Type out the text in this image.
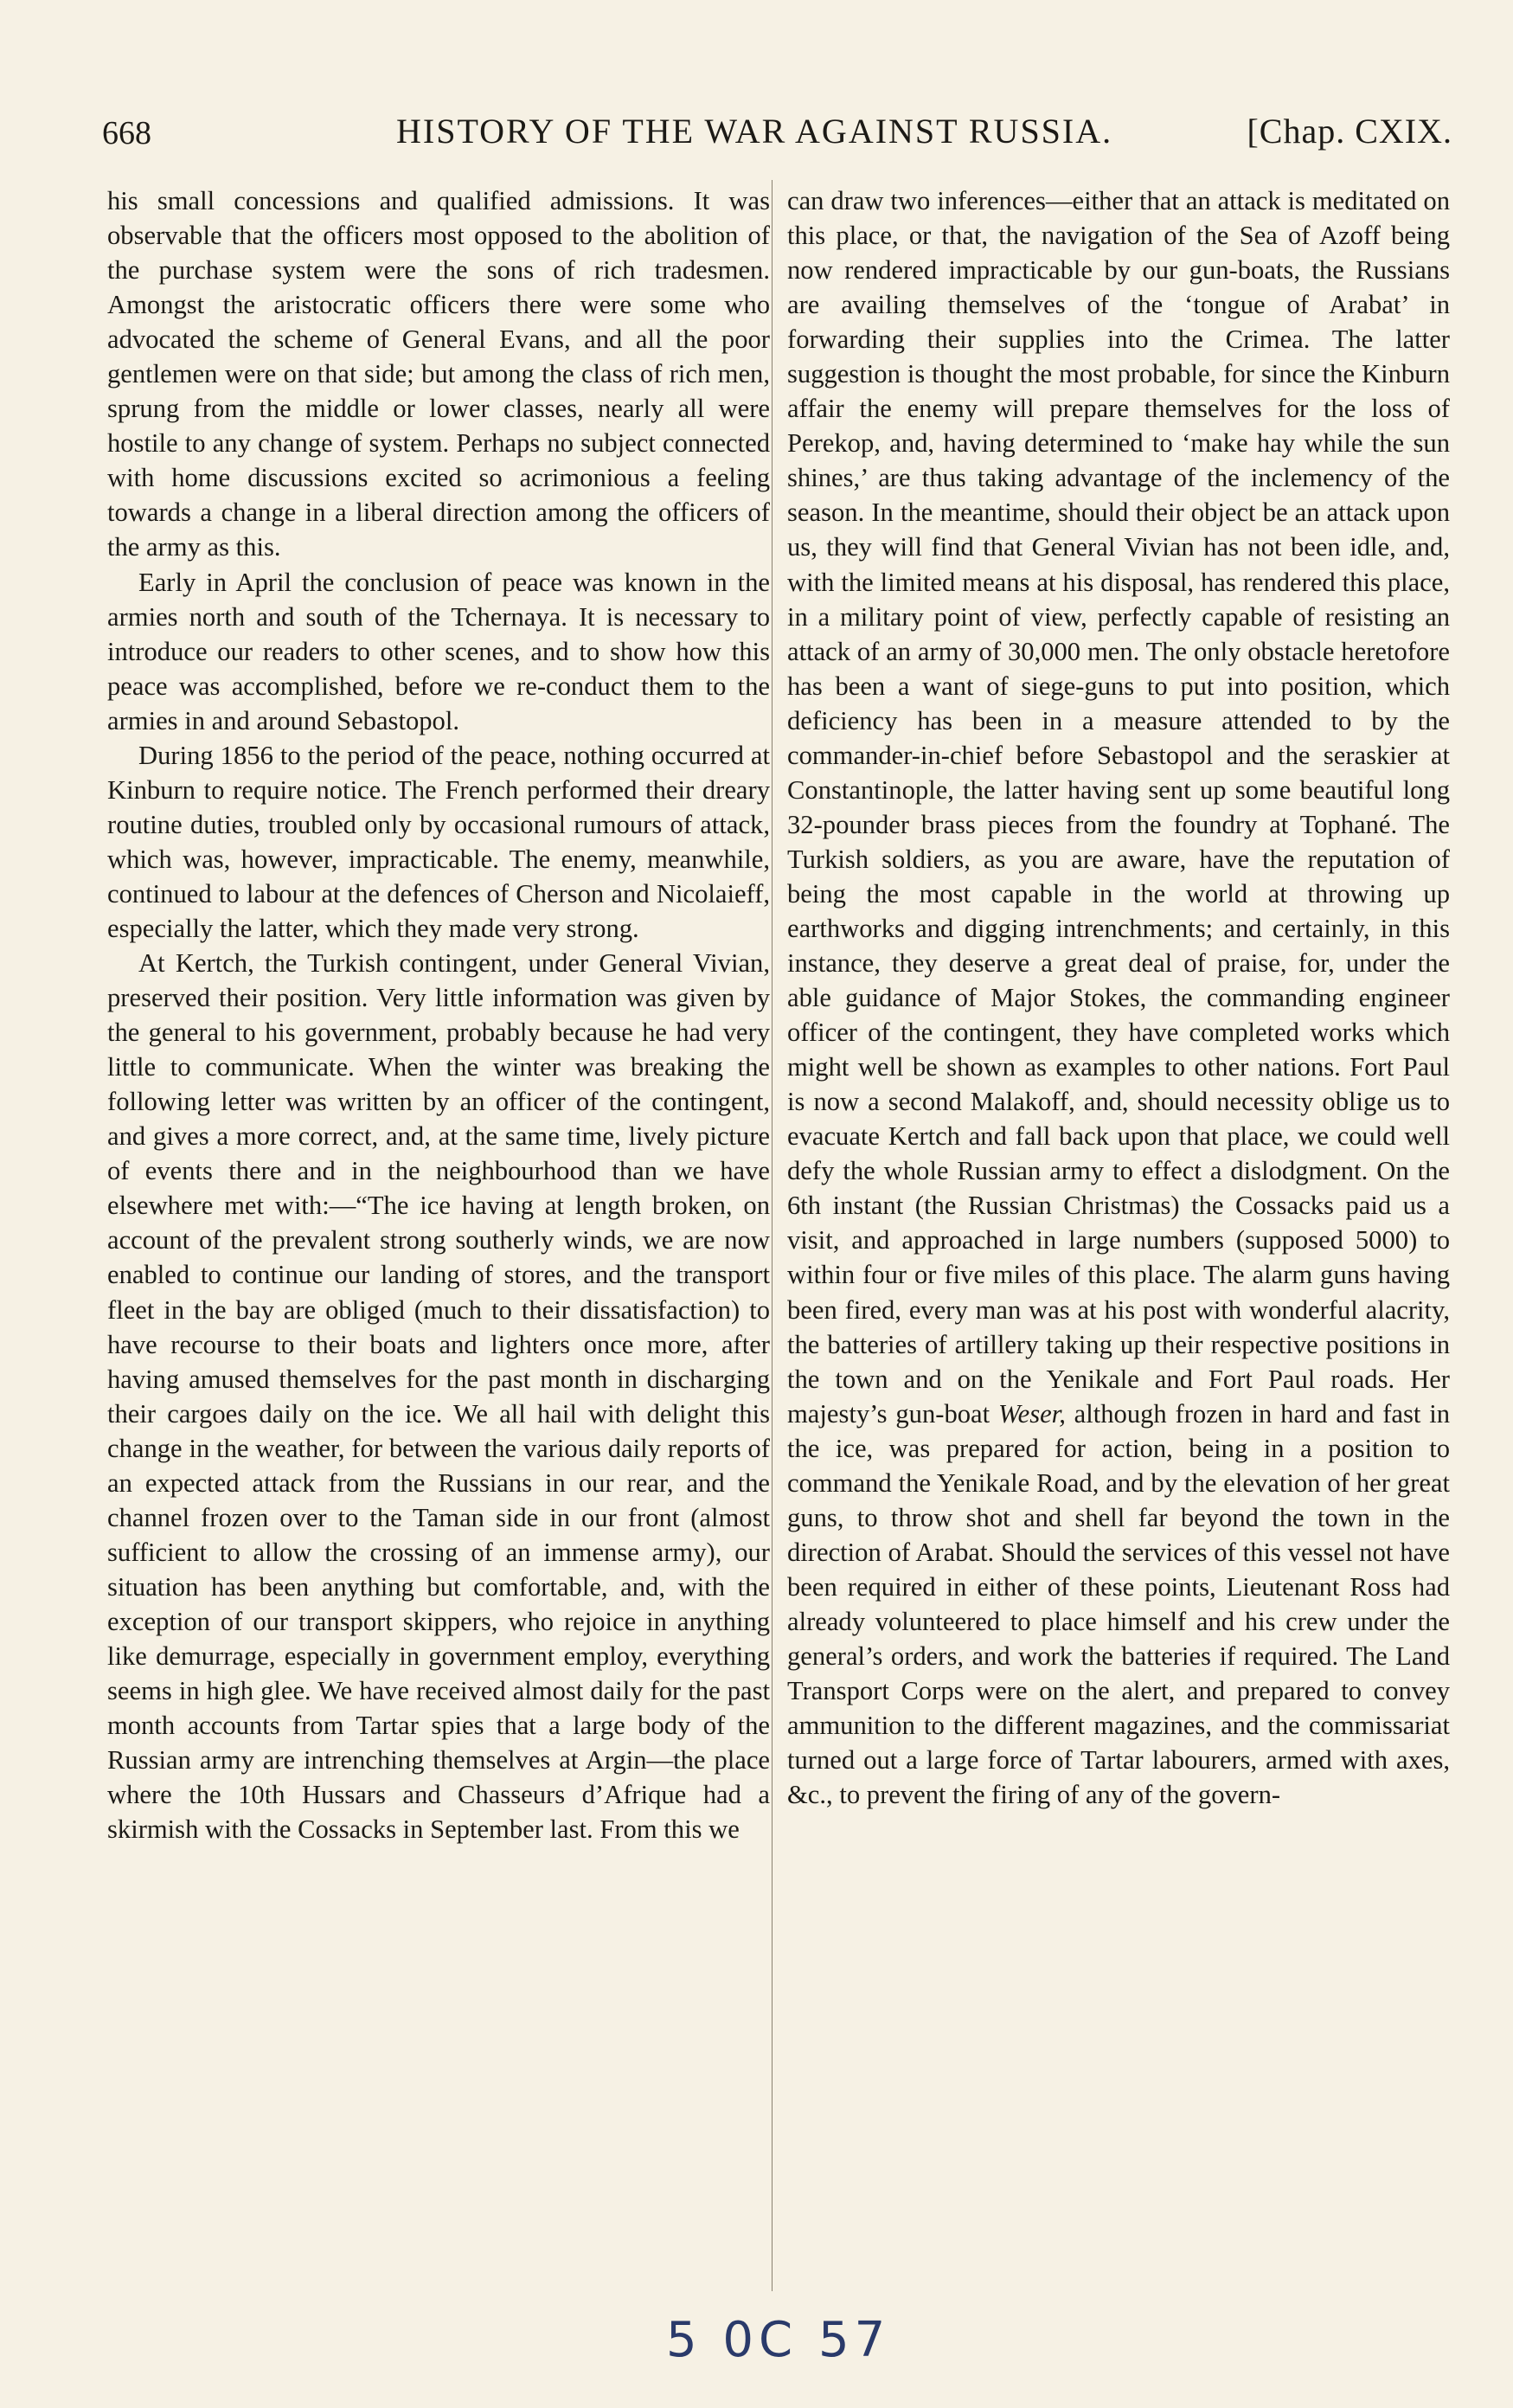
668	HISTORY OF THE WAR AGAINST RUSSIA.	[Chap. CXIX.

his small concessions and qualified admissions. It was observable that the officers most opposed to the abolition of the purchase system were the sons of rich tradesmen. Amongst the aristocratic officers there were some who advocated the scheme of General Evans, and all the poor gentlemen were on that side; but among the class of rich men, sprung from the middle or lower classes, nearly all were hostile to any change of system. Perhaps no subject connected with home discussions excited so acrimonious a feeling towards a change in a liberal direction among the officers of the army as this.

Early in April the conclusion of peace was known in the armies north and south of the Tchernaya. It is necessary to introduce our readers to other scenes, and to show how this peace was accomplished, before we re-conduct them to the armies in and around Sebastopol.

During 1856 to the period of the peace, nothing occurred at Kinburn to require notice. The French performed their dreary routine duties, troubled only by occasional rumours of attack, which was, however, impracticable. The enemy, meanwhile, continued to labour at the defences of Cherson and Nicolaieff, especially the latter, which they made very strong.

At Kertch, the Turkish contingent, under General Vivian, preserved their position. Very little information was given by the general to his government, probably because he had very little to communicate. When the winter was breaking the following letter was written by an officer of the contingent, and gives a more correct, and, at the same time, lively picture of events there and in the neighbourhood than we have elsewhere met with:—“The ice having at length broken, on account of the prevalent strong southerly winds, we are now enabled to continue our landing of stores, and the transport fleet in the bay are obliged (much to their dissatisfaction) to have recourse to their boats and lighters once more, after having amused themselves for the past month in discharging their cargoes daily on the ice. We all hail with delight this change in the weather, for between the various daily reports of an expected attack from the Russians in our rear, and the channel frozen over to the Taman side in our front (almost sufficient to allow the crossing of an immense army), our situation has been anything but comfortable, and, with the exception of our transport skippers, who rejoice in anything like demurrage, especially in government employ, everything seems in high glee. We have received almost daily for the past month accounts from Tartar spies that a large body of the Russian army are intrenching themselves at Argin—the place where the 10th Hussars and Chasseurs d’Afrique had a skirmish with the Cossacks in September last. From this we

can draw two inferences—either that an attack is meditated on this place, or that, the navigation of the Sea of Azoff being now rendered impracticable by our gun-boats, the Russians are availing themselves of the ‘tongue of Arabat’ in forwarding their supplies into the Crimea. The latter suggestion is thought the most probable, for since the Kinburn affair the enemy will prepare themselves for the loss of Perekop, and, having determined to ‘make hay while the sun shines,’ are thus taking advantage of the inclemency of the season. In the meantime, should their object be an attack upon us, they will find that General Vivian has not been idle, and, with the limited means at his disposal, has rendered this place, in a military point of view, perfectly capable of resisting an attack of an army of 30,000 men. The only obstacle heretofore has been a want of siege-guns to put into position, which deficiency has been in a measure attended to by the commander-in-chief before Sebastopol and the seraskier at Constantinople, the latter having sent up some beautiful long 32-pounder brass pieces from the foundry at Tophané. The Turkish soldiers, as you are aware, have the reputation of being the most capable in the world at throwing up earthworks and digging intrenchments; and certainly, in this instance, they deserve a great deal of praise, for, under the able guidance of Major Stokes, the commanding engineer officer of the contingent, they have completed works which might well be shown as examples to other nations. Fort Paul is now a second Malakoff, and, should necessity oblige us to evacuate Kertch and fall back upon that place, we could well defy the whole Russian army to effect a dislodgment. On the 6th instant (the Russian Christmas) the Cossacks paid us a visit, and approached in large numbers (supposed 5000) to within four or five miles of this place. The alarm guns having been fired, every man was at his post with wonderful alacrity, the batteries of artillery taking up their respective positions in the town and on the Yenikale and Fort Paul roads. Her majesty’s gun-boat Weser, although frozen in hard and fast in the ice, was prepared for action, being in a position to command the Yenikale Road, and by the elevation of her great guns, to throw shot and shell far beyond the town in the direction of Arabat. Should the services of this vessel not have been required in either of these points, Lieutenant Ross had already volunteered to place himself and his crew under the general’s orders, and work the batteries if required. The Land Transport Corps were on the alert, and prepared to convey ammunition to the different magazines, and the commissariat turned out a large force of Tartar labourers, armed with axes, &c., to prevent the firing of any of the govern-

5 0C 57
